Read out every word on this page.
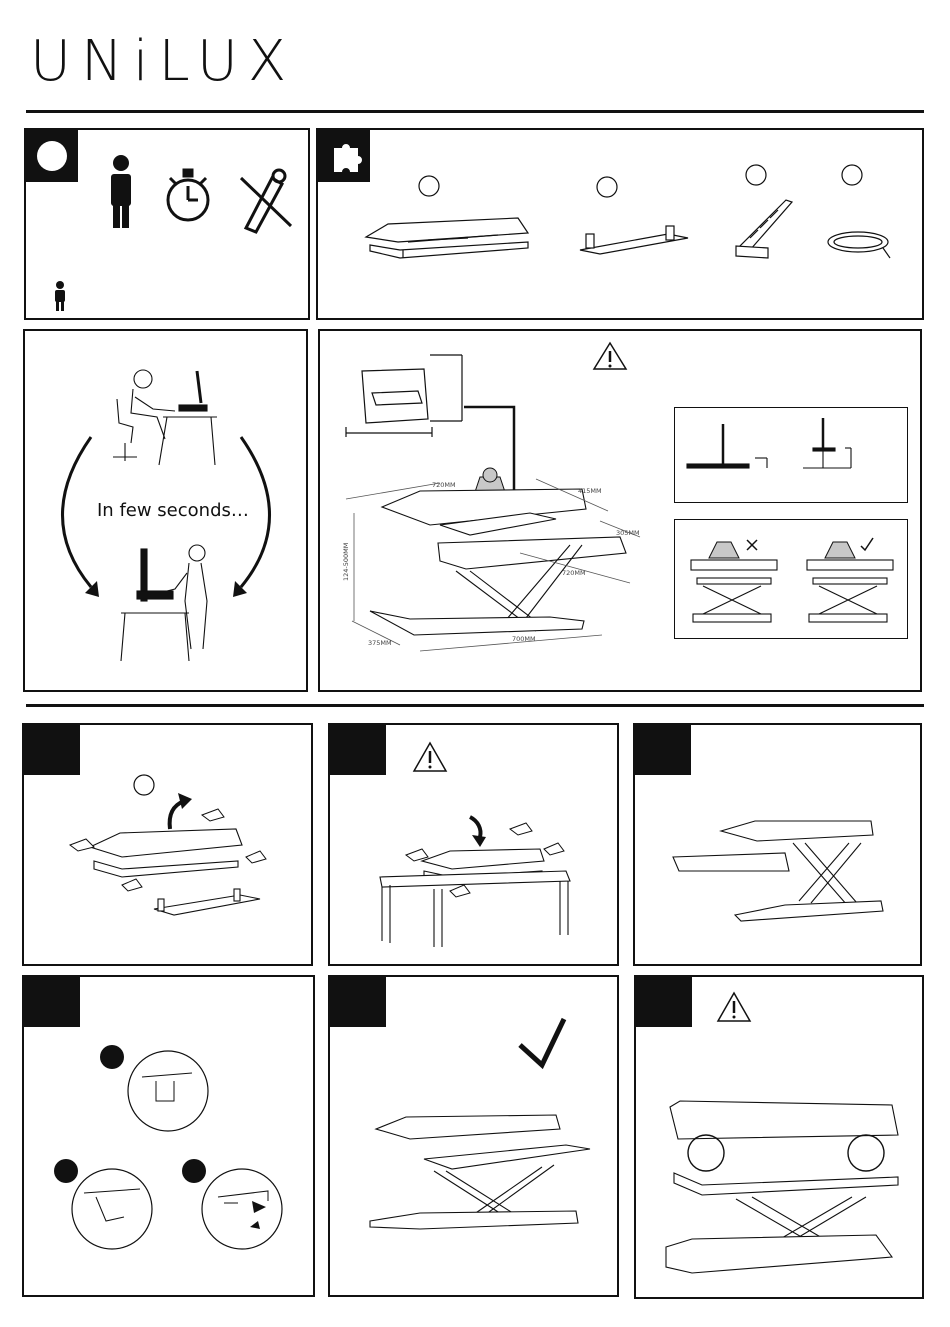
UNiLUX
In few seconds…
720MM
415MM
305MM
720MM
124-500MM
375MM	700MM
